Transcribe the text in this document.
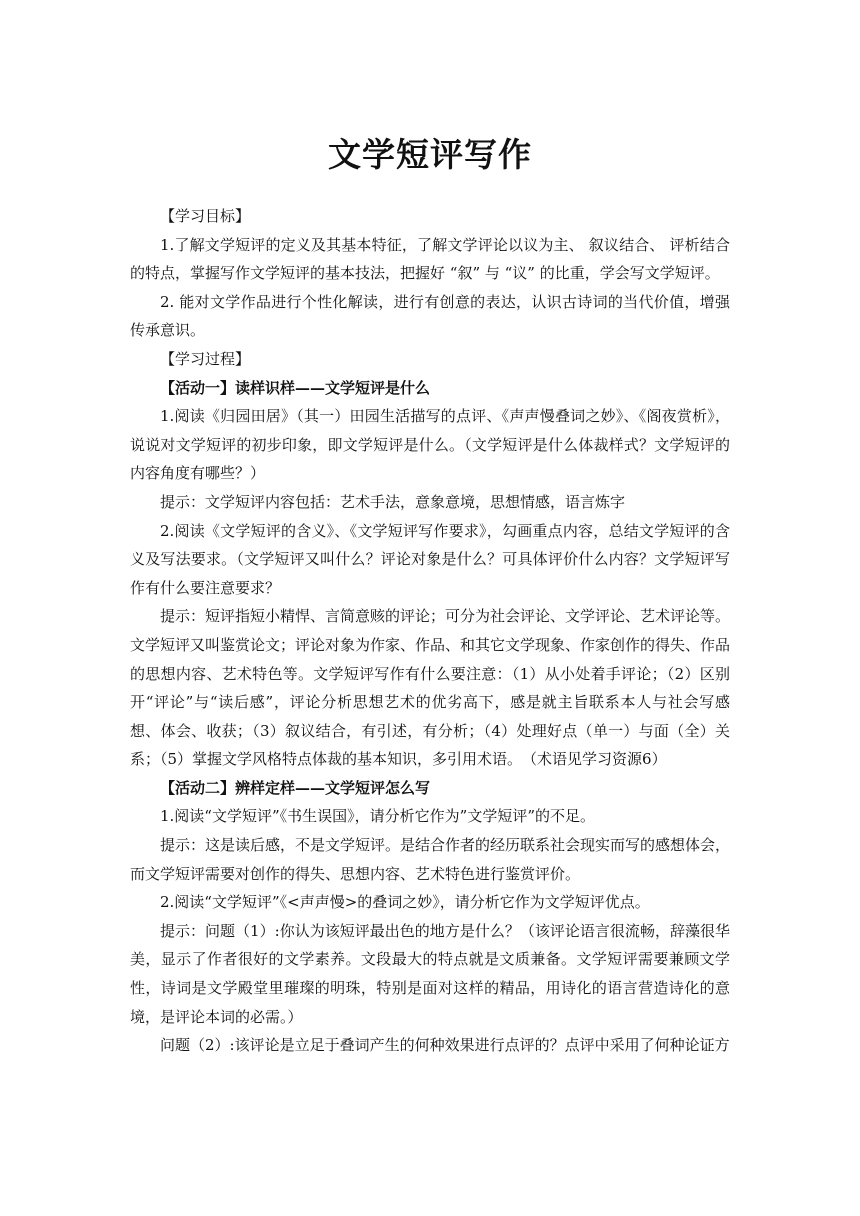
文学短评写作

【学习目标】

1.了解文学短评的定义及其基本特征，了解文学评论以议为主、 叙议结合、 评析结合的特点，掌握写作文学短评的基本技法，把握好 “叙” 与 “议” 的比重，学会写文学短评。

2. 能对文学作品进行个性化解读，进行有创意的表达，认识古诗词的当代价值，增强传承意识。

【学习过程】

【活动一】读样识样——文学短评是什么

1.阅读《归园田居》（其一）田园生活描写的点评、《声声慢叠词之妙》、《阁夜赏析》，说说对文学短评的初步印象，即文学短评是什么。（文学短评是什么体裁样式？文学短评的内容角度有哪些？）

提示：文学短评内容包括：艺术手法，意象意境，思想情感，语言炼字

2.阅读《文学短评的含义》、《文学短评写作要求》，勾画重点内容，总结文学短评的含义及写法要求。（文学短评又叫什么？评论对象是什么？可具体评价什么内容？文学短评写作有什么要注意要求？

提示：短评指短小精悍、言简意赅的评论；可分为社会评论、文学评论、艺术评论等。文学短评又叫鉴赏论文；评论对象为作家、作品、和其它文学现象、作家创作的得失、作品的思想内容、艺术特色等。文学短评写作有什么要注意：（1）从小处着手评论；（2）区别开“评论”与“读后感”，评论分析思想艺术的优劣高下，感是就主旨联系本人与社会写感想、体会、收获；（3）叙议结合，有引述，有分析；（4）处理好点（单一）与面（全）关系；（5）掌握文学风格特点体裁的基本知识，多引用术语。　（术语见学习资源6）

【活动二】辨样定样——文学短评怎么写

1.阅读“文学短评”《书生误国》，请分析它作为”文学短评”的不足。

提示：这是读后感，不是文学短评。是结合作者的经历联系社会现实而写的感想体会，而文学短评需要对创作的得失、思想内容、艺术特色进行鉴赏评价。

2.阅读“文学短评”《<声声慢>的叠词之妙》，请分析它作为文学短评优点。

提示：问题（1）:你认为该短评最出色的地方是什么？（该评论语言很流畅，辞藻很华美，显示了作者很好的文学素养。文段最大的特点就是文质兼备。文学短评需要兼顾文学性，诗词是文学殿堂里璀璨的明珠，特别是面对这样的精品，用诗化的语言营造诗化的意境，是评论本词的必需。）

问题（2）:该评论是立足于叠词产生的何种效果进行点评的？点评中采用了何种论证方
